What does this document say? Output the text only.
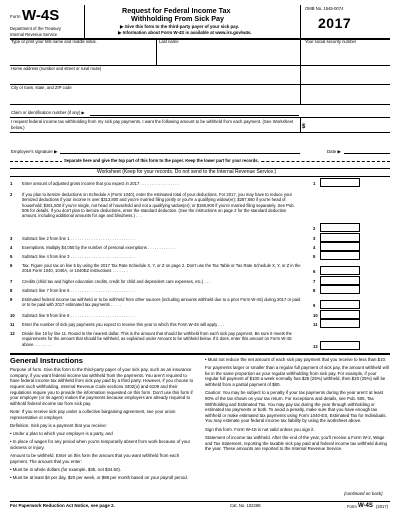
Form W-4S
Department of the Treasury
Internal Revenue Service
Request for Federal Income Tax
Withholding From Sick Pay
▶ Give this form to the third-party payer of your sick pay.
▶ Information about Form W-4S is available at www.irs.gov/w4s.
OMB No. 1545-0074
2017
Type or print your first name and middle initial.	Last name	Your social security number
Home address (number and street or rural route)
City or town, state, and ZIP code
Claim or identification number (if any) ▶
I request federal income tax withholding from my sick pay payments. I want the following amount to be withheld from each payment. (See Worksheet below.)	$
Employee's signature ▶	Date ▶
Separate here and give the top part of this form to the payer. Keep the lower part for your records.
Worksheet (Keep for your records. Do not send to the Internal Revenue Service.)
1 Enter amount of adjusted gross income that you expect in 2017 . . . . . . . . . . . . . . . . .	1
2 If you plan to itemize deductions on Schedule A (Form 1040), enter the estimated total of your deductions. For 2017, you may have to reduce your itemized deductions if your income is over $313,800 and you're married filing jointly or you're a qualifying widow(er); $287,650 if you're head of household; $261,500 if you're single, not head of household and not a qualifying widow(er); or $156,900 if you're married filing separately. See Pub. 505 for details. If you don't plan to itemize deductions, enter the standard deduction. (See the instructions on page 2 for the standard deduction amount, including additional amounts for age and blindness.) . . .
2
3 Subtract line 2 from line 1 . . . . . . . . . . . . . . . . . . . . . . . . . . . .	3
4 Exemptions. Multiply $4,050 by the number of personal exemptions . . . . . . . . . . . .	4
5 Subtract line 4 from line 3 . . . . . . . . . . . . . . . . . . . . . . . . . . . .	5
6 Tax. Figure your tax on line 5 by using the 2017 Tax Rate Schedule X, Y, or Z on page 2. Don't use the Tax Table or Tax Rate Schedule X, Y, or Z in the 2016 Form 1040, 1040A, or 1040EZ instructions . . . . . . .	6
7 Credits (child tax and higher education credits, credit for child and dependent care expenses, etc.) . . .	7
8 Subtract line 7 from line 6 . . . . . . . . . . . . . . . . . . . . . . . . . . . .	8
9 Estimated federal income tax withheld or to be withheld from other sources (including amounts withheld due to a prior Form W-4S) during 2017 or paid or to be paid with 2017 estimated tax payments . . . . .	9
10 Subtract line 9 from line 8 . . . . . . . . . . . . . . . . . . . . . . . . . . . .	10
11 Enter the number of sick pay payments you expect to receive this year to which this Form W-4S will apply . . .	11
12 Divide line 10 by line 11. Round to the nearest dollar. This is the amount that should be withheld from each sick pay payment. Be sure it meets the requirements for the amount that should be withheld, as explained under Amount to be withheld below. If it does, enter this amount on Form W-4S above . . . . . . . .	12
General Instructions

Purpose of form. Give this form to the third-party payer of your sick pay, such as an insurance company, if you want federal income tax withheld from the payments. You aren't required to have federal income tax withheld from sick pay paid by a third party. However, if you choose to request such withholding, Internal Revenue Code sections 3402(o) and 6109 and their regulations require you to provide the information requested on this form. Don't use this form if your employer (or its agent) makes the payments because employers are already required to withhold federal income tax from sick pay.

Note: If you receive sick pay under a collective bargaining agreement, see your union representative or employer.

Definition. Sick pay is a payment that you receive:

• Under a plan to which your employer is a party, and

• In place of wages for any period when you're temporarily absent from work because of your sickness or injury.

Amount to be withheld. Enter on this form the amount that you want withheld from each payment. The amount that you enter:

• Must be in whole dollars (for example, $35, not $34.50).

• Must be at least $4 per day, $20 per week, or $88 per month based on your payroll period.

• Must not reduce the net amount of each sick pay payment that you receive to less than $10.

For payments larger or smaller than a regular full payment of sick pay, the amount withheld will be in the same proportion as your regular withholding from sick pay. For example, if your regular full payment of $100 a week normally has $25 (25%) withheld, then $20 (25%) will be withheld from a partial payment of $80.

Caution: You may be subject to a penalty if your tax payments during the year aren't at least 90% of the tax shown on your tax return. For exceptions and details, see Pub. 505, Tax Withholding and Estimated Tax. You may pay tax during the year through withholding or estimated tax payments or both. To avoid a penalty, make sure that you have enough tax withheld or make estimated tax payments using Form 1040-ES, Estimated Tax for Individuals. You may estimate your federal income tax liability by using the worksheet above.

Sign this form. Form W-4S is not valid unless you sign it.

Statement of income tax withheld. After the end of the year, you'll receive a Form W-2, Wage and Tax Statement, reporting the taxable sick pay paid and federal income tax withheld during the year. These amounts are reported to the Internal Revenue Service.

(continued on back)
For Paperwork Reduction Act Notice, see page 2.	Cat. No. 10226E	Form W-4S (2017)
